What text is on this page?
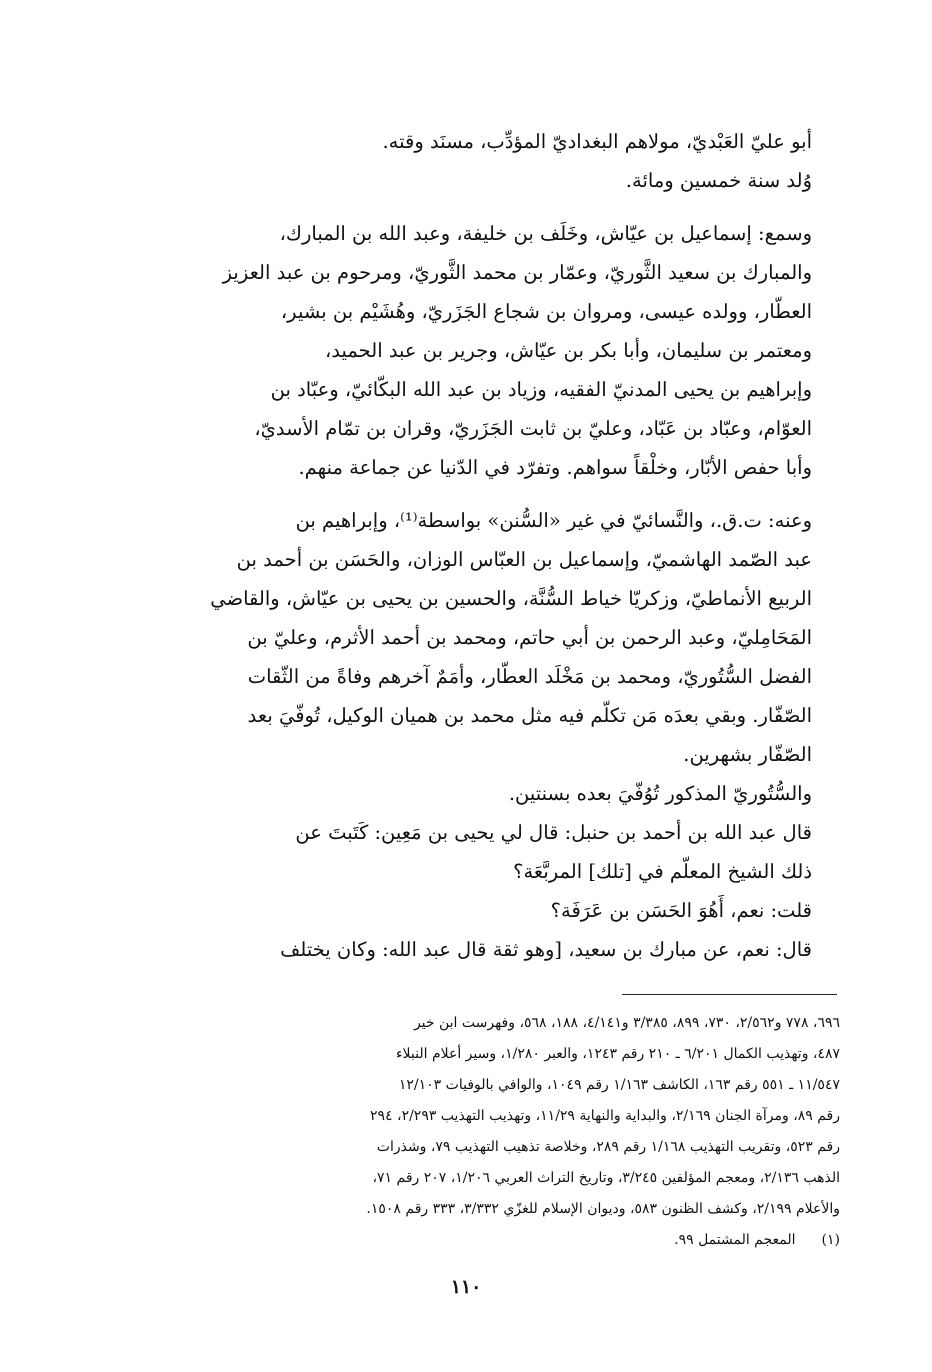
أبو عليّ العَبْديّ، مولاهم البغداديّ المؤدِّب، مسنَد وقته.
وُلد سنة خمسين ومائة.

وسمع: إسماعيل بن عيّاش، وخَلَف بن خليفة، وعبد الله بن المبارك،
والمبارك بن سعيد الثَّوريّ، وعمّار بن محمد الثَّوريّ، ومرحوم بن عبد العزيز
العطّار، وولده عيسى، ومروان بن شجاع الجَزَريّ، وهُشَيْم بن بشير،
ومعتمر بن سليمان، وأبا بكر بن عيّاش، وجرير بن عبد الحميد،
وإبراهيم بن يحيى المدنيّ الفقيه، وزياد بن عبد الله البكّائيّ، وعبّاد بن
العوّام، وعبّاد بن عَبّاد، وعليّ بن ثابت الجَزَريّ، وقران بن تمّام الأسديّ،
وأبا حفص الأبّار، وخلْقاً سواهم. وتفرّد في الدّنيا عن جماعة منهم.

وعنه: ت.ق.، والنَّسائيّ في غير «السُّنن» بواسطة⁽¹⁾، وإبراهيم بن
عبد الصّمد الهاشميّ، وإسماعيل بن العبّاس الوزان، والحَسَن بن أحمد بن
الربيع الأنماطيّ، وزكريّا خياط السُّنَّة، والحسين بن يحيى بن عيّاش، والقاضي
المَحَامِليّ، وعبد الرحمن بن أبي حاتم، ومحمد بن أحمد الأثرم، وعليّ بن
الفضل السُّتُوريّ، ومحمد بن مَخْلَد العطّار، وأمَمٌ آخرهم وفاةً من الثّقات
الصّفّار. وبقي بعدَه مَن تكلّم فيه مثل محمد بن هميان الوكيل، تُوفّيَ بعد
الصّفّار بشهرين.

والسُّتُوريّ المذكور تُوُفّيَ بعده بسنتين.

قال عبد الله بن أحمد بن حنبل: قال لي يحيى بن مَعِين: كَتَبتَ عن
ذلك الشيخ المعلّم في [تلك] المربَّعَة؟

قلت: نعم، أَهُوَ الحَسَن بن عَرَفَة؟

قال: نعم، عن مبارك بن سعيد، [وهو ثقة قال عبد الله: وكان يختلف

٦٩٦، ٧٧٨ و٢/٥٦٢، ٧٣٠، ٨٩٩، ٣/٣٨٥ و٤/١٤١، ١٨٨، ٥٦٨، وفهرست ابن خير
٤٨٧، وتهذيب الكمال ٦/٢٠١ ـ ٢١٠ رقم ١٢٤٣، والعبر ١/٢٨٠، وسير أعلام النبلاء
١١/٥٤٧ ـ ٥٥١ رقم ١٦٣، الكاشف ١/١٦٣ رقم ١٠٤٩، والوافي بالوفيات ١٢/١٠٣
رقم ٨٩، ومرآة الجنان ٢/١٦٩، والبداية والنهاية ١١/٢٩، وتهذيب التهذيب ٢/٢٩٣، ٢٩٤
رقم ٥٢٣، وتقريب التهذيب ١/١٦٨ رقم ٢٨٩، وخلاصة تذهيب التهذيب ٧٩، وشذرات
الذهب ٢/١٣٦، ومعجم المؤلفين ٣/٢٤٥، وتاريخ التراث العربي ١/٢٠٦، ٢٠٧ رقم ٧١،
والأعلام ٢/١٩٩، وكشف الظنون ٥٨٣، وديوان الإسلام للغزّي ٣/٣٣٢، ٣٣٣ رقم ١٥٠٨.
(١) المعجم المشتمل ٩٩.
١١٠
